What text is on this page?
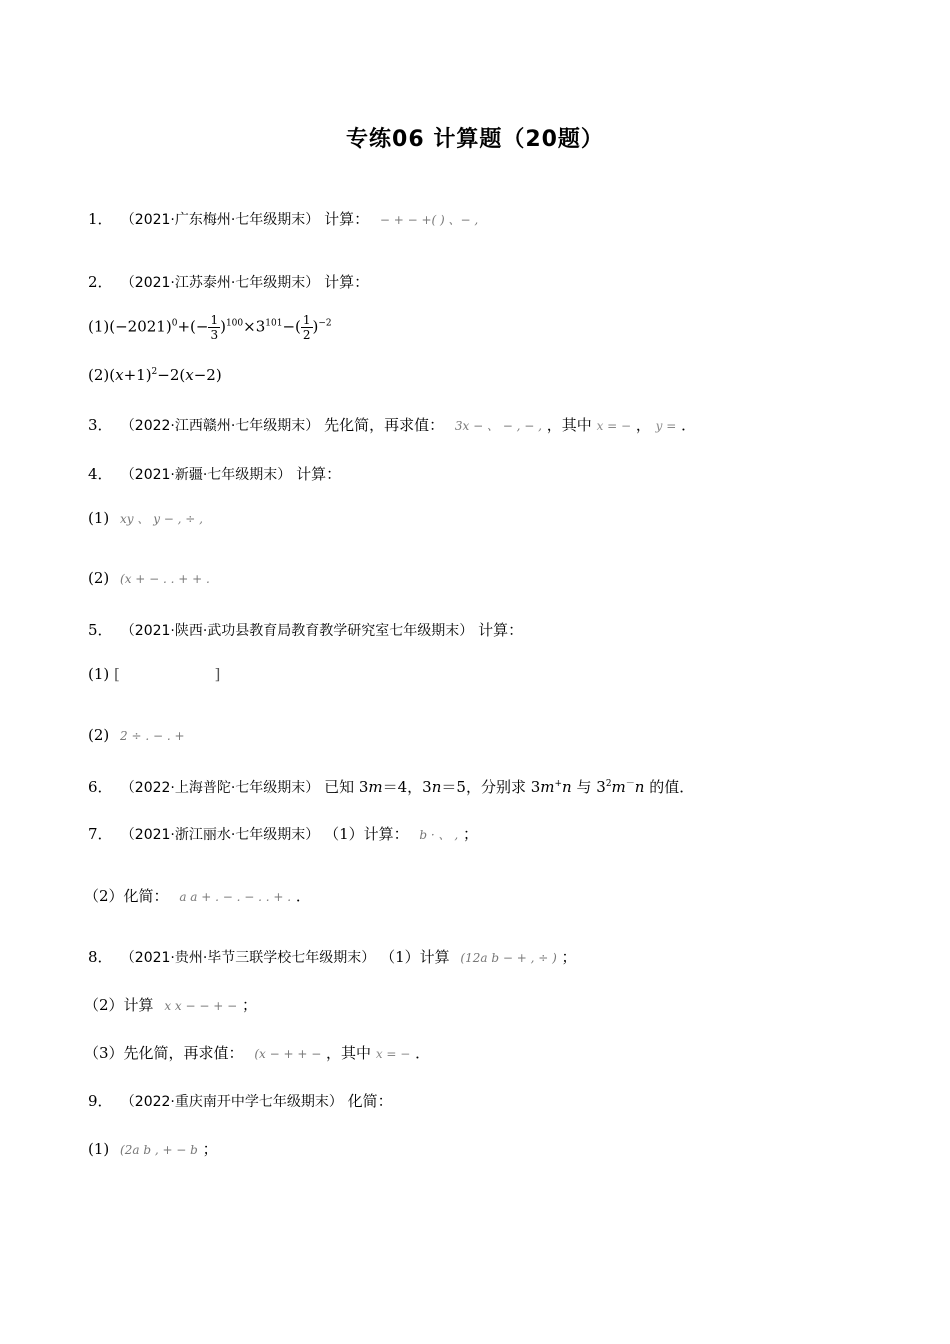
专练06 计算题（20题）
1． （2021·广东梅州·七年级期末） 计算： − + − +( ) 、− ,
2． （2021·江苏泰州·七年级期末） 计算：
$(1)(-2021)^0+(- \frac{1}{3} )^{100}\times 3^{101}-( \frac{1}{2} )^{-2}$
$(2)(x+1)^2-2(x-2)$
3． （2022·江西赣州·七年级期末） 先化简，再求值： 3x − 、 − , − , ，其中 x = − ， y = ．
4． （2021·新疆·七年级期末） 计算：
(1) xy 、 y − , ÷ ,
(2) (x + − . . + + .
5． （2021·陕西·武功县教育局教育教学研究室七年级期末） 计算：
(1) [	]
(2) 2 ÷ . − . +
6． （2022·上海普陀·七年级期末） 已知 3m＝4，3n＝5，分别求 3m+n 与 $3^2m^-n$ 的值．
7． （2021·浙江丽水·七年级期末） （1）计算： b · 、 , ；
（2）化简： a a + . − . − . . + . ．
8． （2021·贵州·毕节三联学校七年级期末） （1）计算 (12a b − + , ÷ ) ；
（2）计算 x x − − + − ；
（3）先化简，再求值： (x − + + − ，其中 x = − ．
9． （2022·重庆南开中学七年级期末） 化简：
(1) (2a b , + − b ；
